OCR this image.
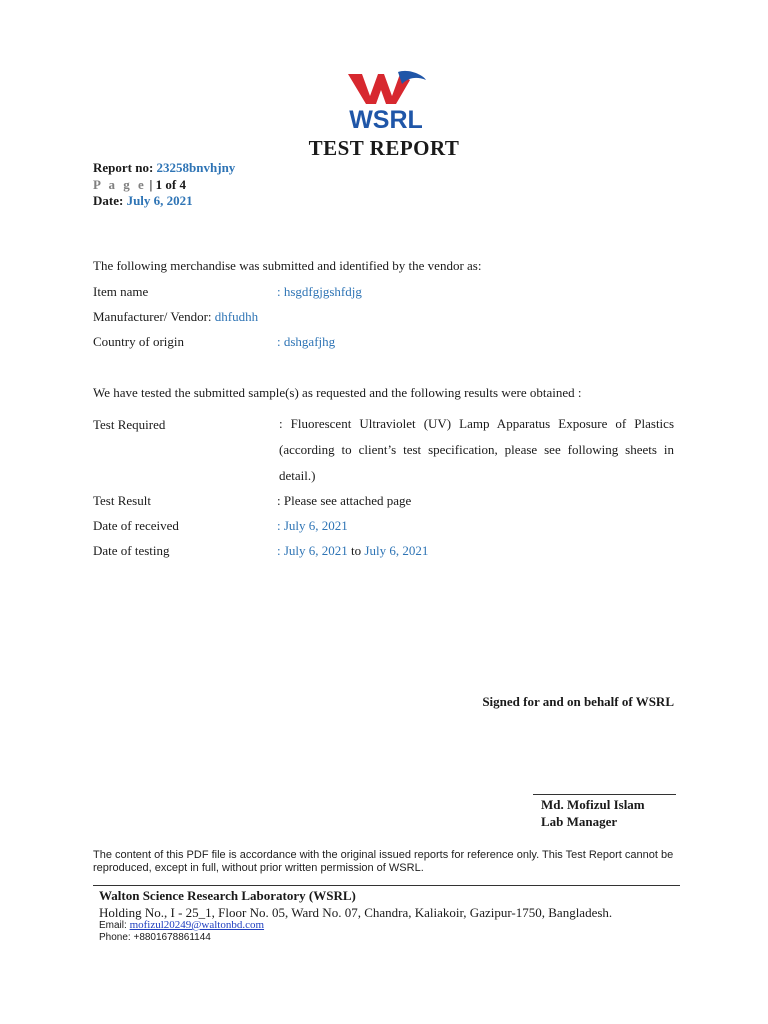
WSRL
TEST REPORT
Report no: 23258bnvhjny
P a g e | 1 of 4
Date: July 6, 2021
The following merchandise was submitted and identified by the vendor as:
Item name	: hsgdfgjgshfdjg
Manufacturer/ Vendor: dhfudhh
Country of origin	: dshgafjhg
We have tested the submitted sample(s) as requested and the following results were obtained :
Test Required	: Fluorescent Ultraviolet (UV) Lamp Apparatus Exposure of Plastics (according to client’s test specification, please see following sheets in detail.)
Test Result	: Please see attached page
Date of received	: July 6, 2021
Date of testing	: July 6, 2021 to July 6, 2021
Signed for and on behalf of WSRL
Md. Mofizul Islam
Lab Manager
The content of this PDF file is accordance with the original issued reports for reference only. This Test Report cannot be reproduced, except in full, without prior written permission of WSRL.
Walton Science Research Laboratory (WSRL)
Holding No., I - 25_1, Floor No. 05, Ward No. 07, Chandra, Kaliakoir, Gazipur-1750, Bangladesh.
Email: mofizul20249@waltonbd.com
Phone: +8801678861144
